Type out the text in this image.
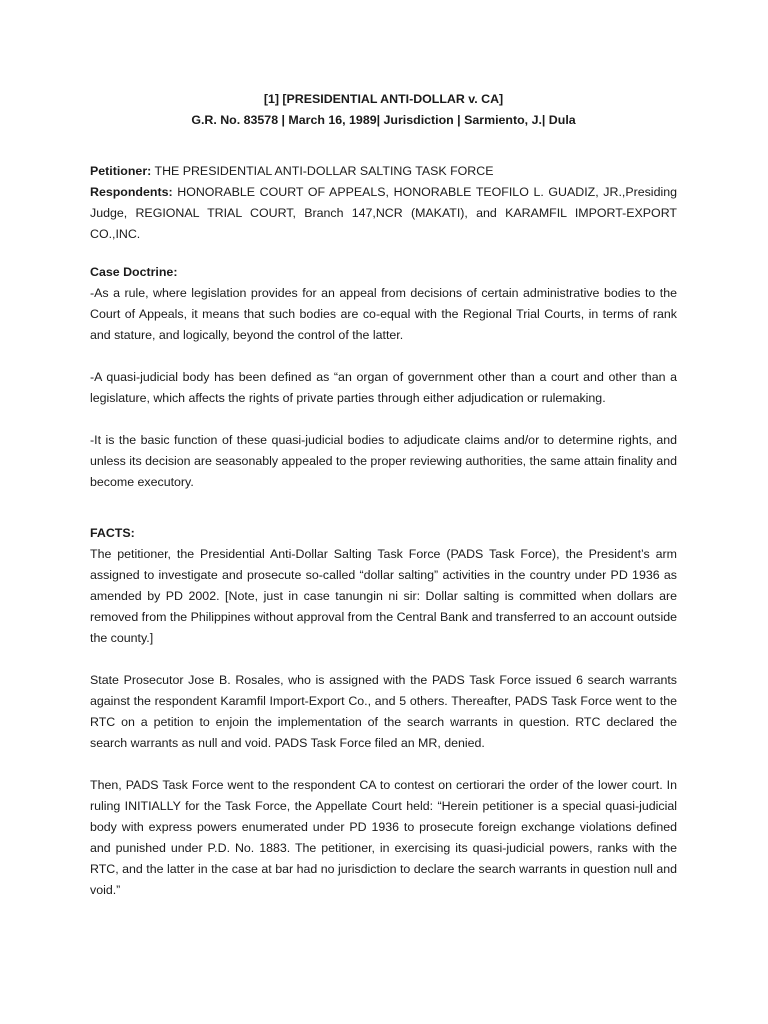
[1] [PRESIDENTIAL ANTI-DOLLAR v. CA]
G.R. No. 83578 | March 16, 1989| Jurisdiction | Sarmiento, J.| Dula
Petitioner: THE PRESIDENTIAL ANTI-DOLLAR SALTING TASK FORCE
Respondents: HONORABLE COURT OF APPEALS, HONORABLE TEOFILO L. GUADIZ, JR.,Presiding Judge, REGIONAL TRIAL COURT, Branch 147,NCR (MAKATI), and KARAMFIL IMPORT-EXPORT CO.,INC.
Case Doctrine:

-As a rule, where legislation provides for an appeal from decisions of certain administrative bodies to the Court of Appeals, it means that such bodies are co-equal with the Regional Trial Courts, in terms of rank and stature, and logically, beyond the control of the latter.

-A quasi-judicial body has been defined as “an organ of government other than a court and other than a legislature, which affects the rights of private parties through either adjudication or rulemaking.

-It is the basic function of these quasi-judicial bodies to adjudicate claims and/or to determine rights, and unless its decision are seasonably appealed to the proper reviewing authorities, the same attain finality and become executory.

FACTS:

The petitioner, the Presidential Anti-Dollar Salting Task Force (PADS Task Force), the President’s arm assigned to investigate and prosecute so-called “dollar salting” activities in the country under PD 1936 as amended by PD 2002. [Note, just in case tanungin ni sir: Dollar salting is committed when dollars are removed from the Philippines without approval from the Central Bank and transferred to an account outside the county.]

State Prosecutor Jose B. Rosales, who is assigned with the PADS Task Force issued 6 search warrants against the respondent Karamfil Import-Export Co., and 5 others. Thereafter, PADS Task Force went to the RTC on a petition to enjoin the implementation of the search warrants in question. RTC declared the search warrants as null and void. PADS Task Force filed an MR, denied.

Then, PADS Task Force went to the respondent CA to contest on certiorari the order of the lower court. In ruling INITIALLY for the Task Force, the Appellate Court held: “Herein petitioner is a special quasi-judicial body with express powers enumerated under PD 1936 to prosecute foreign exchange violations defined and punished under P.D. No. 1883. The petitioner, in exercising its quasi-judicial powers, ranks with the RTC, and the latter in the case at bar had no jurisdiction to declare the search warrants in question null and void.”
